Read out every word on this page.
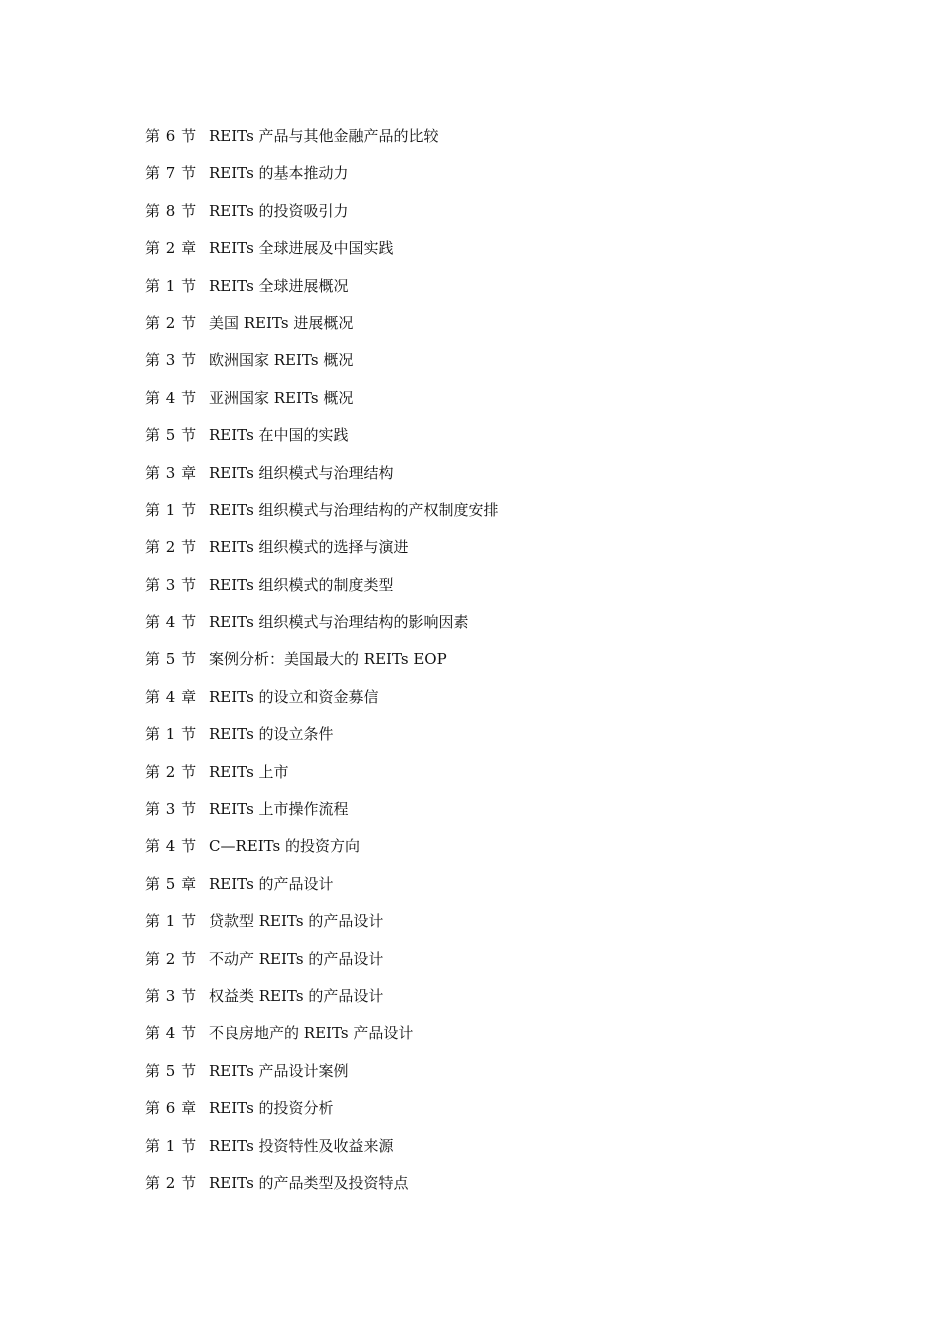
第 6 节 REITs 产品与其他金融产品的比较
第 7 节 REITs 的基本推动力
第 8 节 REITs 的投资吸引力
第 2 章 REITs 全球进展及中国实践
第 1 节 REITs 全球进展概况
第 2 节 美国 REITs 进展概况
第 3 节 欧洲国家 REITs 概况
第 4 节 亚洲国家 REITs 概况
第 5 节 REITs 在中国的实践
第 3 章 REITs 组织模式与治理结构
第 1 节 REITs 组织模式与治理结构的产权制度安排
第 2 节 REITs 组织模式的选择与演进
第 3 节 REITs 组织模式的制度类型
第 4 节 REITs 组织模式与治理结构的影响因素
第 5 节 案例分析：美国最大的 REITs EOP
第 4 章 REITs 的设立和资金募信
第 1 节 REITs 的设立条件
第 2 节 REITs 上市
第 3 节 REITs 上市操作流程
第 4 节 C—REITs 的投资方向
第 5 章 REITs 的产品设计
第 1 节 贷款型 REITs 的产品设计
第 2 节 不动产 REITs 的产品设计
第 3 节 权益类 REITs 的产品设计
第 4 节 不良房地产的 REITs 产品设计
第 5 节 REITs 产品设计案例
第 6 章 REITs 的投资分析
第 1 节 REITs 投资特性及收益来源
第 2 节 REITs 的产品类型及投资特点
